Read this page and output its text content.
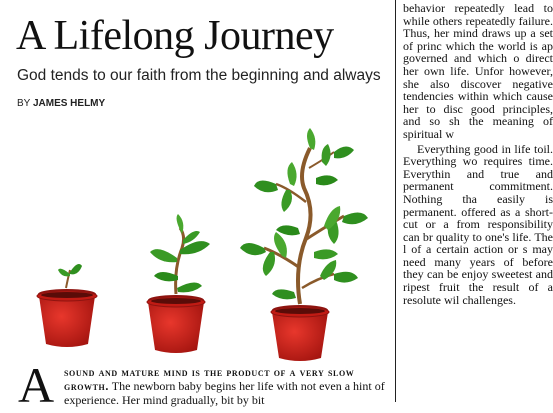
A Lifelong Journey
God tends to our faith from the beginning and always
BY JAMES HELMY
A sound and mature mind is the product of a very slow growth. The newborn baby begins her life with not even a hint of experience. Her mind gradually, bit by bit

behavior repeatedly lead to while others repeatedly failure. Thus, her mind draws up a set of princ which the world is ap governed and which o direct her own life. Unfor however, she also discover negative tendencies within which cause her to disc good principles, and so sh the meaning of spiritual w

Everything good in life toil. Everything wo requires time. Everythin and true and permanent commitment. Nothing tha easily is permanent. offered as a short-cut or a from responsibility can br quality to one's life. The l of a certain action or s may need many years of before they can be enjoy sweetest and ripest fruit the result of a resolute wil challenges.
